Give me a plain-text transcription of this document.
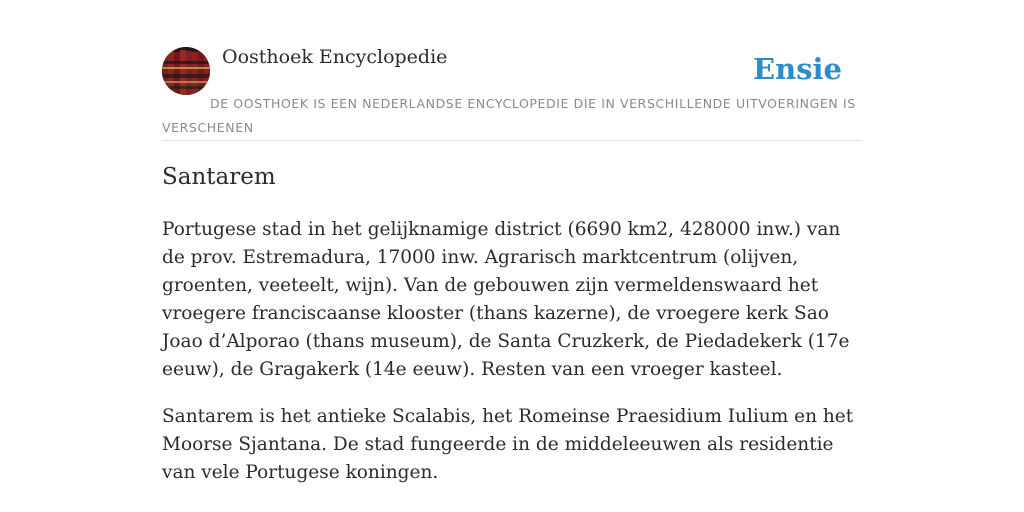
Oosthoek Encyclopedie	Ensie
DE OOSTHOEK IS EEN NEDERLANDSE ENCYCLOPEDIE DIE IN VERSCHILLENDE UITVOERINGEN IS VERSCHENEN
Santarem

Portugese stad in het gelijknamige district (6690 km2, 428000 inw.) van de prov. Estremadura, 17000 inw. Agrarisch marktcentrum (olijven, groenten, veeteelt, wijn). Van de gebouwen zijn vermeldenswaard het vroegere franciscaanse klooster (thans kazerne), de vroegere kerk Sao Joao d’Alporao (thans museum), de Santa Cruzkerk, de Piedadekerk (17e eeuw), de Gragakerk (14e eeuw). Resten van een vroeger kasteel.

Santarem is het antieke Scalabis, het Romeinse Praesidium Iulium en het Moorse Sjantana. De stad fungeerde in de middeleeuwen als residentie van vele Portugese koningen.
